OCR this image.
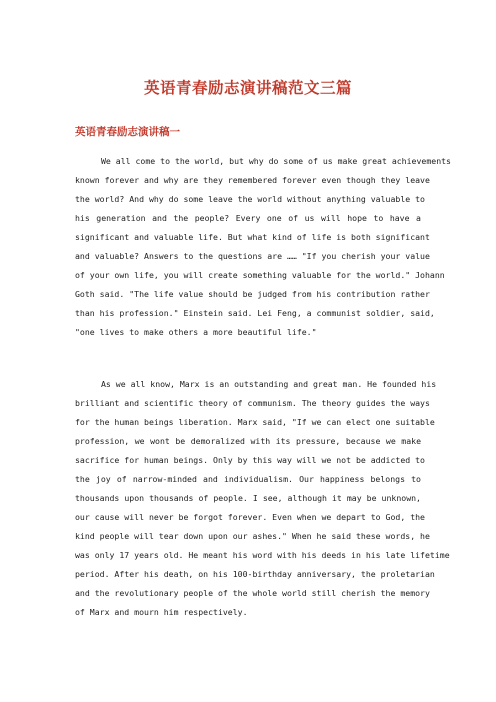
英语青春励志演讲稿范文三篇
英语青春励志演讲稿一
We all come to the world, but why do some of us make great achievements
known forever and why are they remembered forever even though they leave
the world? And why do some leave the world without anything valuable to
his generation and the people? Every one of us will hope to have a
significant and valuable life. But what kind of life is both significant
and valuable? Answers to the questions are …… "If you cherish your value
of your own life, you will create something valuable for the world." Johann
Goth said. "The life value should be judged from his contribution rather
than his profession." Einstein said. Lei Feng, a communist soldier, said,
"one lives to make others a more beautiful life."
As we all know, Marx is an outstanding and great man. He founded his
brilliant and scientific theory of communism. The theory guides the ways
for the human beings liberation. Marx said, "If we can elect one suitable
profession, we wont be demoralized with its pressure, because we make
sacrifice for human beings. Only by this way will we not be addicted to
the joy of narrow-minded and individualism. Our happiness belongs to
thousands upon thousands of people. I see, although it may be unknown,
our cause will never be forgot forever. Even when we depart to God, the
kind people will tear down upon our ashes." When he said these words, he
was only 17 years old. He meant his word with his deeds in his late lifetime
period. After his death, on his 100-birthday anniversary, the proletarian
and the revolutionary people of the whole world still cherish the memory
of Marx and mourn him respectively.
